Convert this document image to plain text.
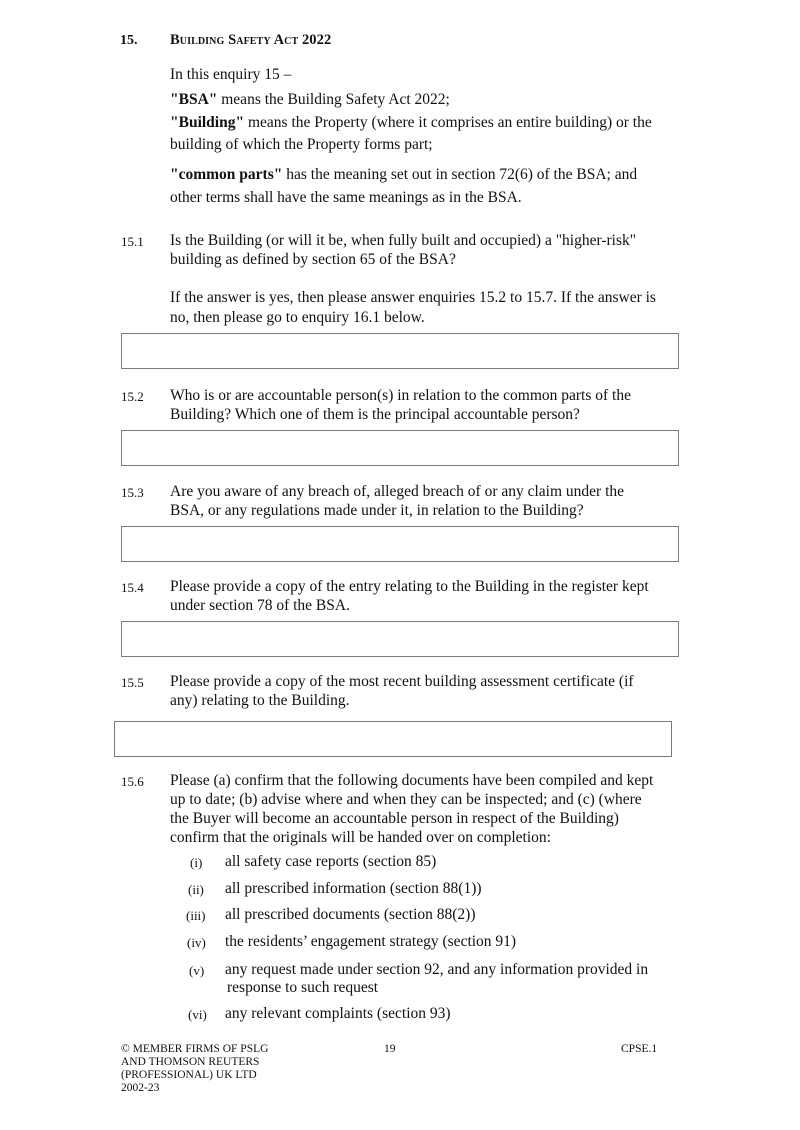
15. Building Safety Act 2022
In this enquiry 15 –
"BSA" means the Building Safety Act 2022;
"Building" means the Property (where it comprises an entire building) or the
building of which the Property forms part;
"common parts" has the meaning set out in section 72(6) of the BSA; and
other terms shall have the same meanings as in the BSA.
15.1 Is the Building (or will it be, when fully built and occupied) a "higher-risk"
building as defined by section 65 of the BSA?
If the answer is yes, then please answer enquiries 15.2 to 15.7. If the answer is
no, then please go to enquiry 16.1 below.
15.2 Who is or are accountable person(s) in relation to the common parts of the
Building? Which one of them is the principal accountable person?
15.3 Are you aware of any breach of, alleged breach of or any claim under the
BSA, or any regulations made under it, in relation to the Building?
15.4 Please provide a copy of the entry relating to the Building in the register kept
under section 78 of the BSA.
15.5 Please provide a copy of the most recent building assessment certificate (if
any) relating to the Building.
15.6 Please (a) confirm that the following documents have been compiled and kept
up to date; (b) advise where and when they can be inspected; and (c) (where
the Buyer will become an accountable person in respect of the Building)
confirm that the originals will be handed over on completion:
(i) all safety case reports (section 85)
(ii) all prescribed information (section 88(1))
(iii) all prescribed documents (section 88(2))
(iv) the residents’ engagement strategy (section 91)
(v) any request made under section 92, and any information provided in
response to such request
(vi) any relevant complaints (section 93)
© MEMBER FIRMS OF PSLG
AND THOMSON REUTERS
(PROFESSIONAL) UK LTD
2002-23
19	CPSE.1
